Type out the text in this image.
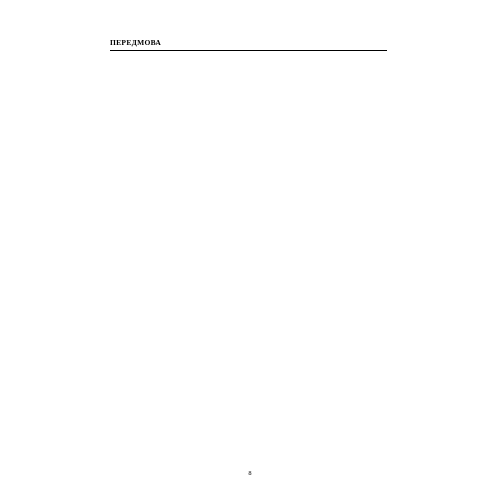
ПЕРЕДМОВА
8
